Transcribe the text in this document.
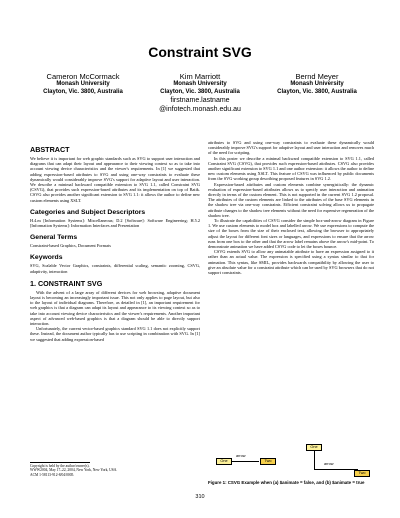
Constraint SVG
Cameron McCormack
Monash University
Clayton, Vic. 3800, Australia
Kim Marriott
Monash University
Clayton, Vic. 3800, Australia
Bernd Meyer
Monash University
Clayton, Vic. 3800, Australia
firstname.lastname
@infotech.monash.edu.au
ABSTRACT

We believe it is important for web graphic standards such as SVG to support user interaction and diagrams that can adapt their layout and appearance to their viewing context so as to take into account viewing device characteristics and the viewer's requirements. In [1] we suggested that adding expression-based attributes to SVG and using one-way constraints to evaluate these dynamically would considerably improve SVG's support for adaptive layout and user interaction. We describe a minimal backward compatible extension to SVG 1.1, called Constraint SVG (CSVG), that provides such expression-based attributes and its implementation on top of Batik. CSVG also provides another significant extension to SVG 1.1: it allows the author to define new custom elements using XSLT.

Categories and Subject Descriptors

H.4.m [Information Systems]: Miscellaneous; D.2 [Software]: Software Engineering; H.5.2 [Information Systems]: Information Interfaces and Presentation

General Terms

Constraint-based Graphics, Document Formats

Keywords

SVG, Scalable Vector Graphics, constraints, differential scaling, semantic zooming, CSVG, adaptivity, interaction

1. CONSTRAINT SVG

With the advent of a large array of different devices for web browsing, adaptive document layout is becoming an increasingly important issue. This not only applies to page layout, but also to the layout of individual diagrams. Therefore, as detailed in [1], an important requirement for web graphics is that a diagram can adapt its layout and appearance to its viewing context so as to take into account viewing device characteristics and the viewer's requirements. Another important aspect of advanced web-based graphics is that a diagram should be able to directly support interaction.

Unfortunately, the current vector-based graphics standard SVG 1.1 does not explicitly support these. Instead, the document author typically has to use scripting in combination with SVG. In [1] we suggested that adding expression-based

Copyright is held by the author/owner(s).
WWW2004, May 17–22, 2004, New York, New York, USA.
ACM 1-58113-912-8/04/0005.

attributes to SVG and using one-way constraints to evaluate these dynamically would considerably improve SVG's support for adaptive layout and user interaction and removes much of the need for scripting.

In this poster we describe a minimal backward compatible extension to SVG 1.1, called Constraint SVG (CSVG), that provides such expression-based attributes. CSVG also provides another significant extension to SVG 1.1 and one author extension: it allows the author to define new custom elements using XSLT. This feature of CSVG was influenced by public documents from the SVG working group describing proposed features in SVG 1.2.

Expression-based attributes and custom elements combine synergistically: the dynamic evaluation of expression-based attributes allows us to specify user interaction and animation directly in terms of the custom element. This is not supported in the current SVG 1.2 proposal. The attributes of the custom elements are linked to the attributes of the base SVG elements in the shadow tree via one-way constraints. Efficient constraint solving allows us to propagate attribute changes to the shadow tree elements without the need for expensive regeneration of the shadow tree.

To illustrate the capabilities of CSVG consider the simple box-and-arrow diagram in Figure 1. We use custom elements to model box and labelled arrow. We use expressions to compute the size of the boxes from the size of their enclosed text, allowing the browser to appropriately adjust the layout for different font sizes or languages, and expressions to ensure that the arrow runs from one box to the other and that the arrow label remains above the arrow's mid-point. To demonstrate animation we have added CSVG code to let the boxes bounce.

CSVG extends SVG to allow any animatable attribute to have an expression assigned to it rather than an actual value. The expression is specified using a syntax similar to that for animation. This syntax, like SMIL, provides backwards compatibility by allowing the user to give an absolute value for a constraint attribute which can be used by SVG browsers that do not support constraints.

One
arrow
Two
One
arrow
Two
Figure 1: CSVG Example when (a) $animate = false, and (b) $animate = true
310
